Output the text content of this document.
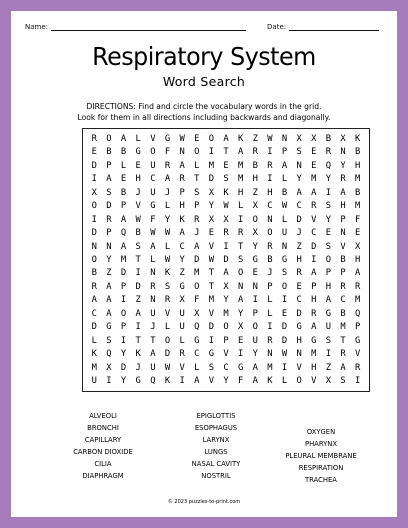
Name:	Date:
Respiratory System
Word Search
DIRECTIONS: Find and circle the vocabulary words in the grid.
Look for them in all directions including backwards and diagonally.
R	O	A	L	V	G	W	E	O	A	K	Z	W	N	X	X	B	X	K
E	B	B	G	O	F	N	O	I	T	A	R	I	P	S	E	R	N	B
D	P	L	E	U	R	A	L	M	E	M	B	R	A	N	E	Q	Y	H
I	A	E	H	C	A	R	T	D	S	M	H	I	L	Y	M	Y	R	M
X	S	B	J	U	J	P	S	X	K	H	Z	H	B	A	A	I	A	B
O	D	P	V	G	L	H	P	Y	W	L	X	C	W	C	R	S	H	M
I	R	A	W	F	Y	K	R	X	X	I	O	N	L	D	V	Y	P	F
D	P	Q	B	W	W	A	J	E	R	R	X	O	U	J	C	E	N	E
N	N	A	S	A	L	C	A	V	I	T	Y	R	N	Z	D	S	V	X
O	Y	M	T	L	W	Y	D	W	D	S	G	B	G	H	I	O	B	H
B	Z	D	I	N	K	Z	M	T	A	O	E	J	S	R	A	P	P	A
R	A	P	D	R	S	G	O	T	X	N	N	P	O	E	P	H	R	R
A	A	I	Z	N	R	X	F	M	Y	A	I	L	I	C	H	A	C	M
C	A	O	A	U	V	U	X	V	M	Y	P	L	E	D	R	G	B	Q
D	G	P	I	J	L	U	Q	D	O	X	O	I	D	G	A	U	M	P
L	S	I	T	T	O	L	G	I	P	E	U	R	D	H	G	S	T	G
K	Q	Y	K	A	D	R	C	G	V	I	Y	N	W	N	M	I	R	V
M	X	D	J	U	W	V	L	S	C	G	A	M	I	V	H	Z	A	R
U	I	Y	G	Q	K	I	A	V	Y	F	A	K	L	O	V	X	S	I
ALVEOLI
BRONCHI
CAPILLARY
CARBON DIOXIDE
CILIA
DIAPHRAGM
EPIGLOTTIS
ESOPHAGUS
LARYNX
LUNGS
NASAL CAVITY
NOSTRIL
OXYGEN
PHARYNX
PLEURAL MEMBRANE
RESPIRATION
TRACHEA
© 2023 puzzles-to-print.com
